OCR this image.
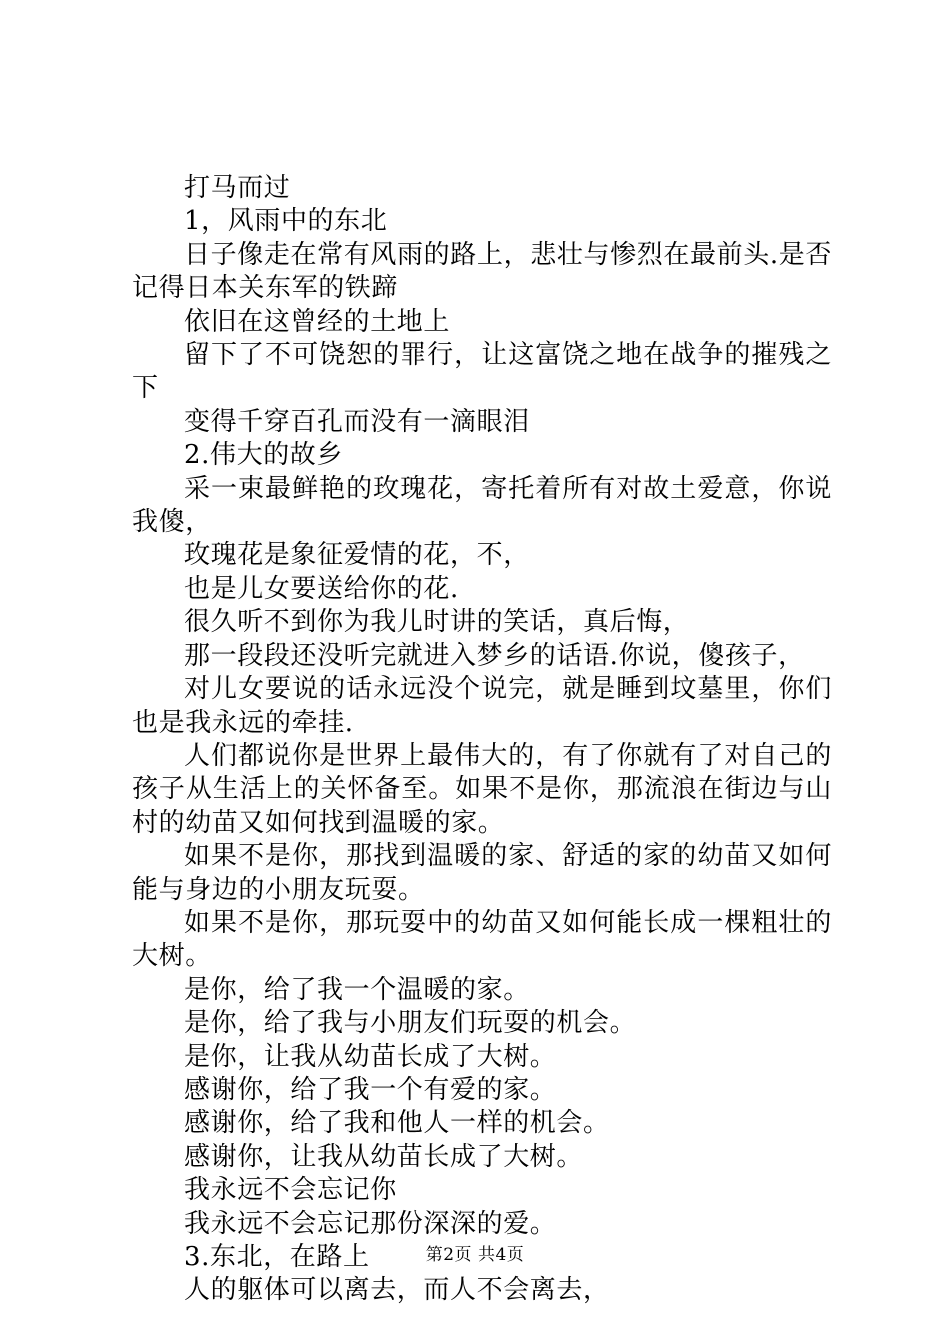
打马而过

1，风雨中的东北

日子像走在常有风雨的路上，悲壮与惨烈在最前头.是否记得日本关东军的铁蹄

依旧在这曾经的土地上

留下了不可饶恕的罪行，让这富饶之地在战争的摧残之下

变得千穿百孔而没有一滴眼泪

2.伟大的故乡

采一束最鲜艳的玫瑰花，寄托着所有对故土爱意，你说我傻，

玫瑰花是象征爱情的花，不，

也是儿女要送给你的花.

很久听不到你为我儿时讲的笑话，真后悔，

那一段段还没听完就进入梦乡的话语.你说，傻孩子，

对儿女要说的话永远没个说完，就是睡到坟墓里，你们也是我永远的牵挂.

人们都说你是世界上最伟大的，有了你就有了对自己的孩子从生活上的关怀备至。如果不是你，那流浪在街边与山村的幼苗又如何找到温暖的家。

如果不是你，那找到温暖的家、舒适的家的幼苗又如何能与身边的小朋友玩耍。

如果不是你，那玩耍中的幼苗又如何能长成一棵粗壮的大树。

是你，给了我一个温暖的家。

是你，给了我与小朋友们玩耍的机会。

是你，让我从幼苗长成了大树。

感谢你，给了我一个有爱的家。

感谢你，给了我和他人一样的机会。

感谢你，让我从幼苗长成了大树。

我永远不会忘记你

我永远不会忘记那份深深的爱。

3.东北，在路上

人的躯体可以离去，而人不会离去，

第2页 共4页
